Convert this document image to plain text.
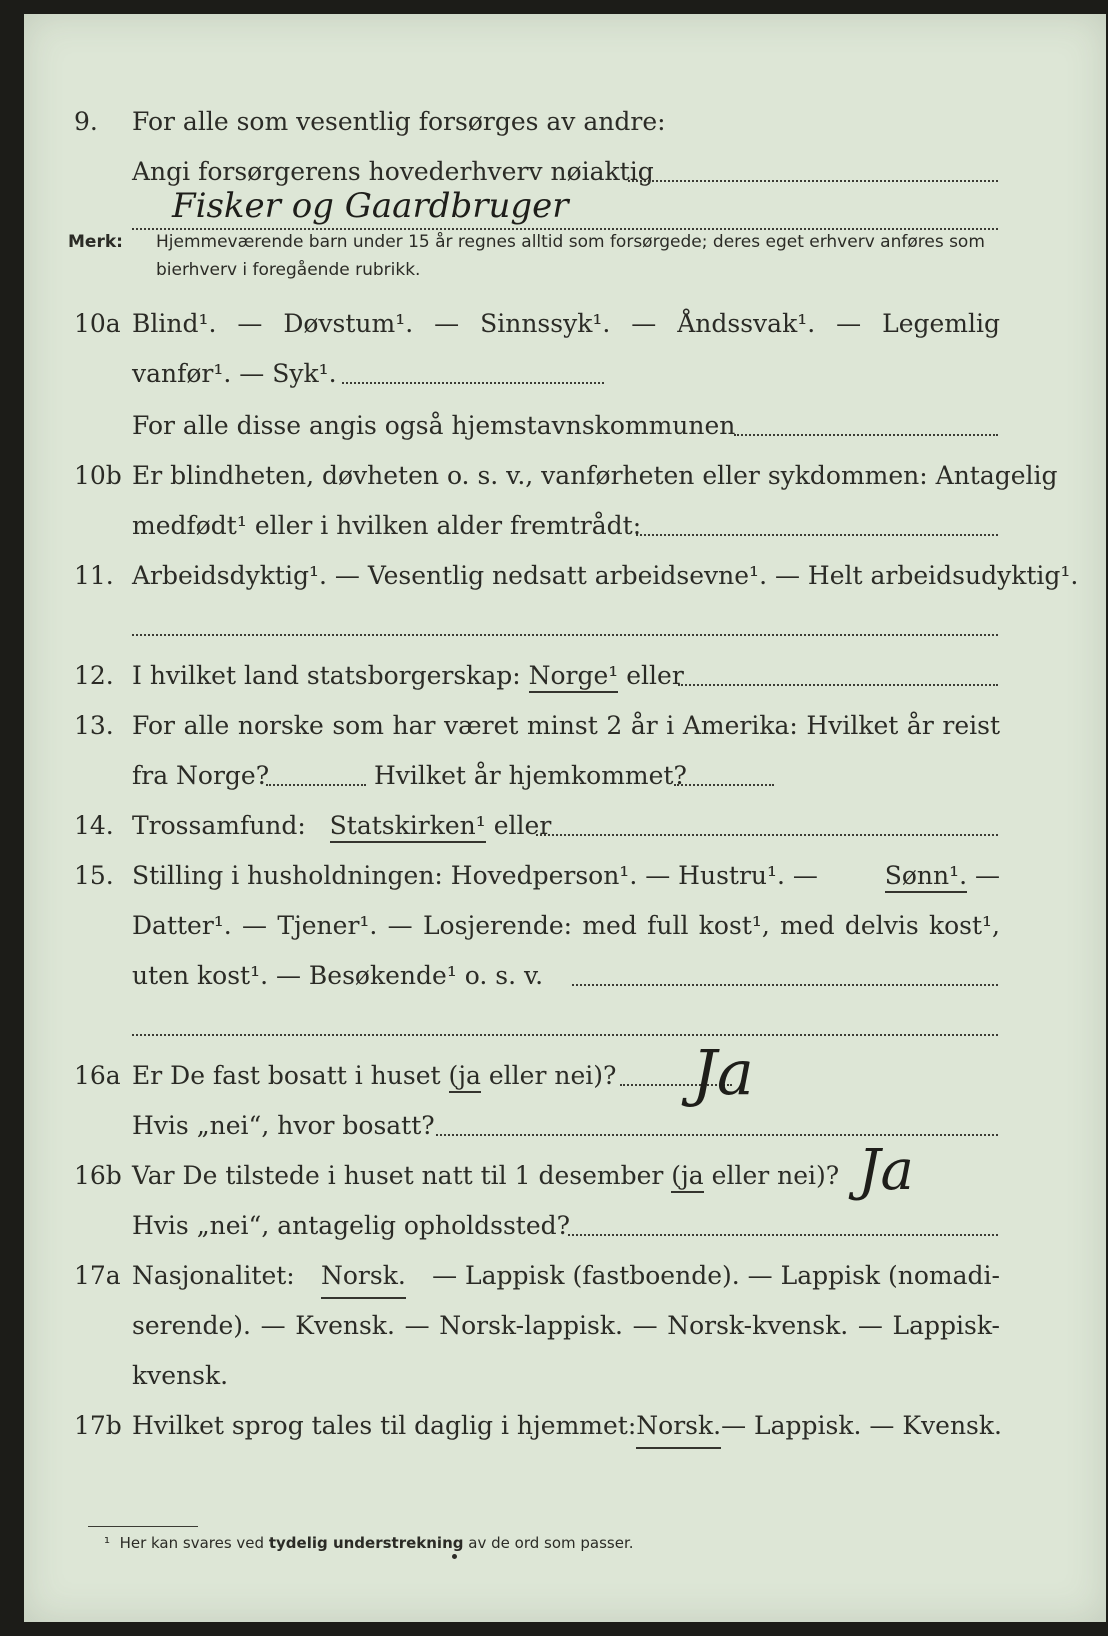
9. For alle som vesentlig forsørges av andre:
Angi forsørgerens hovederhverv nøiaktig
Fisker og Gaardbruger
Merk: Hjemmeværende barn under 15 år regnes alltid som forsørgede; deres eget erhverv anføres som bierhverv i foregående rubrikk.
10a Blind¹. — Døvstum¹. — Sinnssyk¹. — Åndssvak¹. — Legemlig
vanfør¹. — Syk¹.
For alle disse angis også hjemstavnskommunen
10b Er blindheten, døvheten o. s. v., vanførheten eller sykdommen: Antagelig
medfødt¹ eller i hvilken alder fremtrådt:
11. Arbeidsdyktig¹. — Vesentlig nedsatt arbeidsevne¹. — Helt arbeidsudyktig¹.
12. I hvilket land statsborgerskap: Norge¹ eller
13. For alle norske som har været minst 2 år i Amerika: Hvilket år reist
fra Norge?	Hvilket år hjemkommet?
14. Trossamfund: Statskirken¹ eller
15. Stilling i husholdningen: Hovedperson¹. — Hustru¹. —	Sønn¹. —
Datter¹. — Tjener¹. — Losjerende: med full kost¹, med delvis kost¹,
uten kost¹. — Besøkende¹ o. s. v.
16a Er De fast bosatt i huset (ja eller nei)? Ja
Hvis „nei“, hvor bosatt?
16b Var De tilstede i huset natt til 1 desember (ja eller nei)? Ja
Hvis „nei“, antagelig opholdssted?
17a Nasjonalitet: Norsk. — Lappisk (fastboende). — Lappisk (nomadi-
serende). — Kvensk. — Norsk-lappisk. — Norsk-kvensk. — Lappisk-
kvensk.
17b Hvilket sprog tales til daglig i hjemmet: Norsk. — Lappisk. — Kvensk.
¹ Her kan svares ved tydelig understrekning av de ord som passer.
